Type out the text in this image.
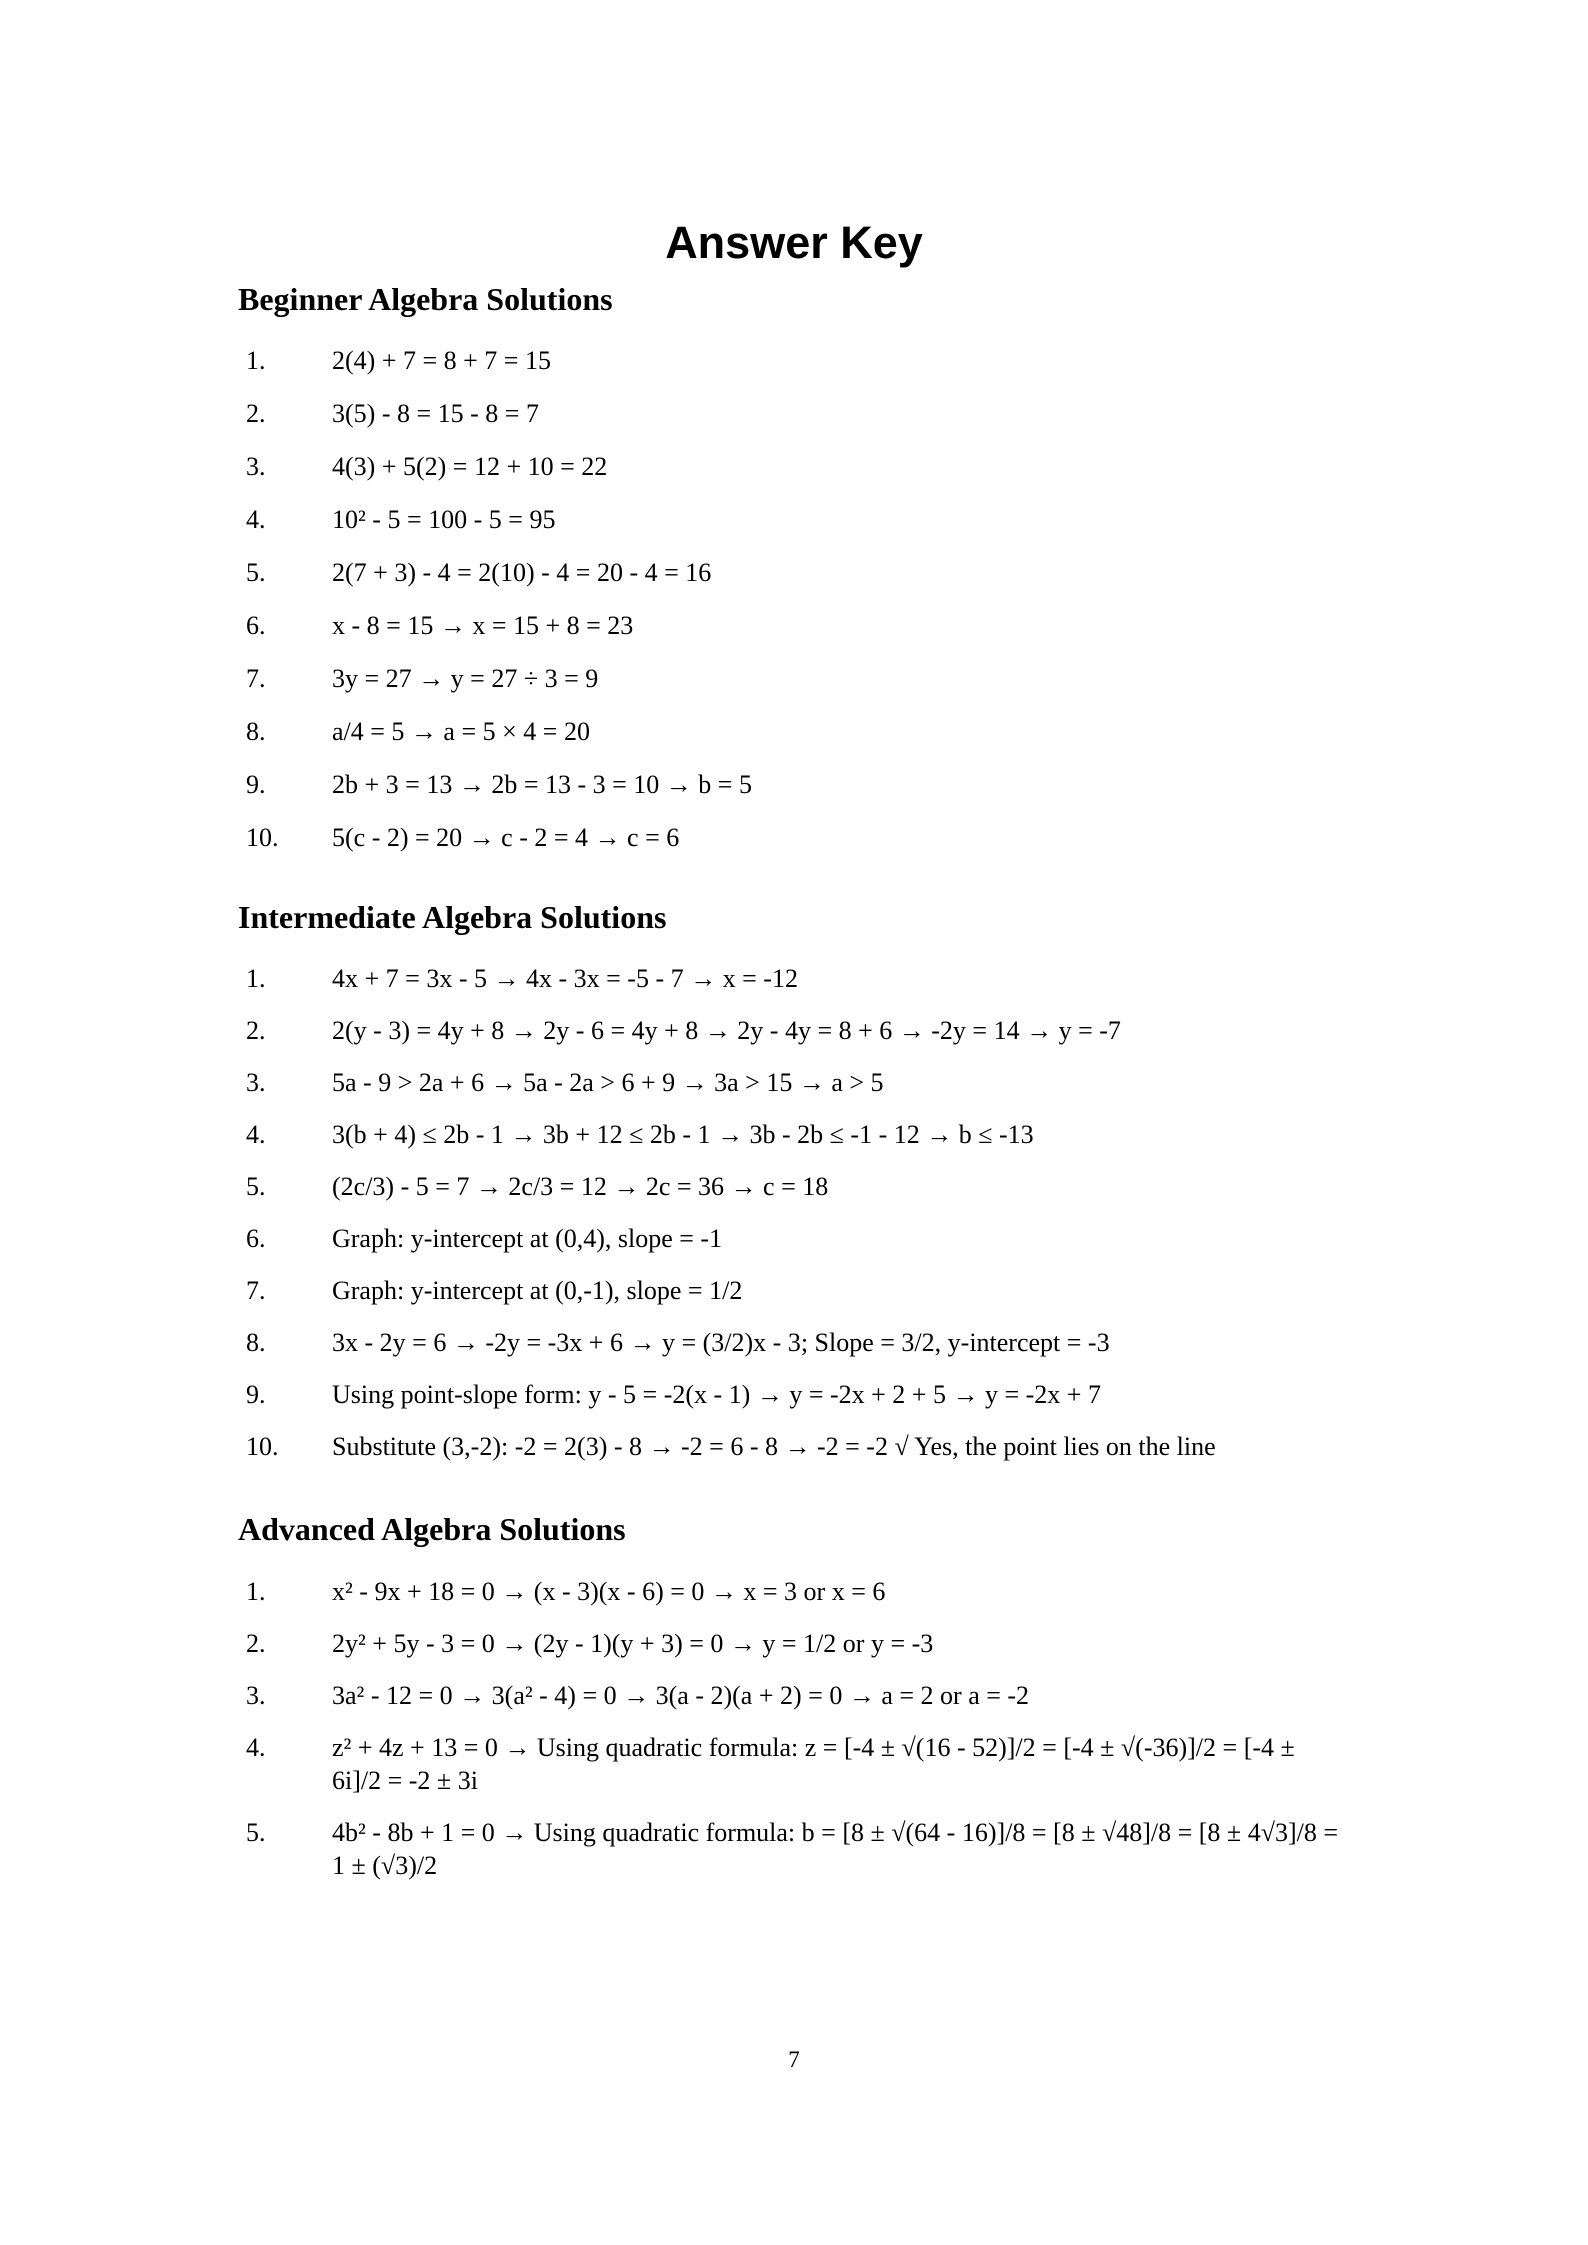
Answer Key
Beginner Algebra Solutions
1.	2(4) + 7 = 8 + 7 = 15
2.	3(5) - 8 = 15 - 8 = 7
3.	4(3) + 5(2) = 12 + 10 = 22
4.	10² - 5 = 100 - 5 = 95
5.	2(7 + 3) - 4 = 2(10) - 4 = 20 - 4 = 16
6.	x - 8 = 15 → x = 15 + 8 = 23
7.	3y = 27 → y = 27 ÷ 3 = 9
8.	a/4 = 5 → a = 5 × 4 = 20
9.	2b + 3 = 13 → 2b = 13 - 3 = 10 → b = 5
10.	5(c - 2) = 20 → c - 2 = 4 → c = 6
Intermediate Algebra Solutions
1.	4x + 7 = 3x - 5 → 4x - 3x = -5 - 7 → x = -12
2.	2(y - 3) = 4y + 8 → 2y - 6 = 4y + 8 → 2y - 4y = 8 + 6 → -2y = 14 → y = -7
3.	5a - 9 > 2a + 6 → 5a - 2a > 6 + 9 → 3a > 15 → a > 5
4.	3(b + 4) ≤ 2b - 1 → 3b + 12 ≤ 2b - 1 → 3b - 2b ≤ -1 - 12 → b ≤ -13
5.	(2c/3) - 5 = 7 → 2c/3 = 12 → 2c = 36 → c = 18
6.	Graph: y-intercept at (0,4), slope = -1
7.	Graph: y-intercept at (0,-1), slope = 1/2
8.	3x - 2y = 6 → -2y = -3x + 6 → y = (3/2)x - 3; Slope = 3/2, y-intercept = -3
9.	Using point-slope form: y - 5 = -2(x - 1) → y = -2x + 2 + 5 → y = -2x + 7
10.	Substitute (3,-2): -2 = 2(3) - 8 → -2 = 6 - 8 → -2 = -2 √ Yes, the point lies on the line
Advanced Algebra Solutions
1.	x² - 9x + 18 = 0 → (x - 3)(x - 6) = 0 → x = 3 or x = 6
2.	2y² + 5y - 3 = 0 → (2y - 1)(y + 3) = 0 → y = 1/2 or y = -3
3.	3a² - 12 = 0 → 3(a² - 4) = 0 → 3(a - 2)(a + 2) = 0 → a = 2 or a = -2
4.	z² + 4z + 13 = 0 → Using quadratic formula: z = [-4 ± √(16 - 52)]/2 = [-4 ± √(-36)]/2 = [-4 ± 6i]/2 = -2 ± 3i
5.	4b² - 8b + 1 = 0 → Using quadratic formula: b = [8 ± √(64 - 16)]/8 = [8 ± √48]/8 = [8 ± 4√3]/8 = 1 ± (√3)/2
7
